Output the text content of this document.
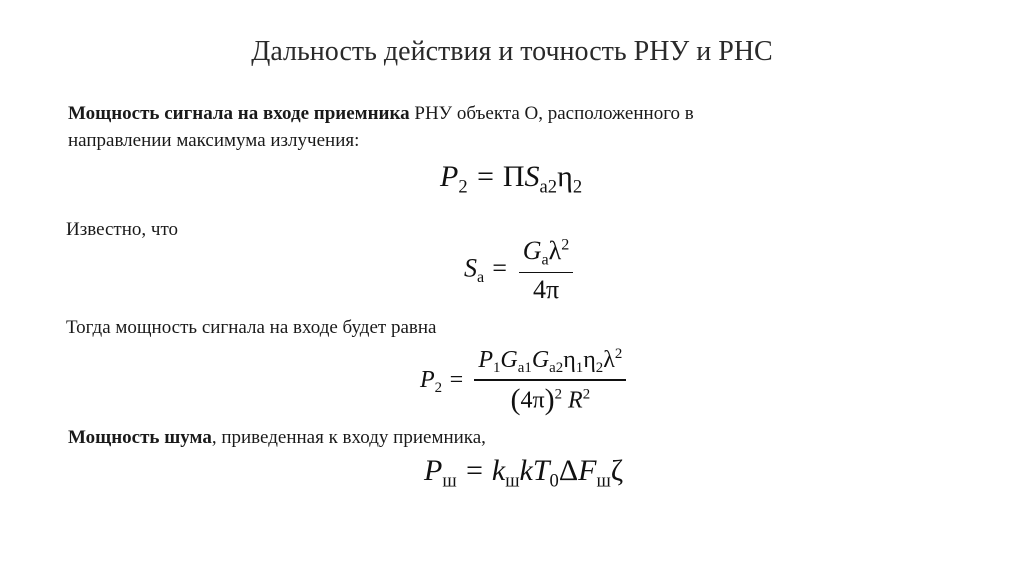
Дальность действия и точность РНУ и РНС
Мощность сигнала на входе приемника РНУ объекта О, расположенного в
направлении максимума излучения:
$P_2 = ПS_{a2}\eta_2$
Известно, что
$S_a = \frac{G_a\lambda^2}{4\pi}$
Тогда мощность сигнала на входе будет равна
$P_2 = \frac{P_1G_{a1}G_{a2}\eta_1\eta_2\lambda^2}{(4\pi)^2 R^2}$
Мощность шума, приведенная к входу приемника,
$P_ш = k_шkT_0\Delta F_ш\zeta$
